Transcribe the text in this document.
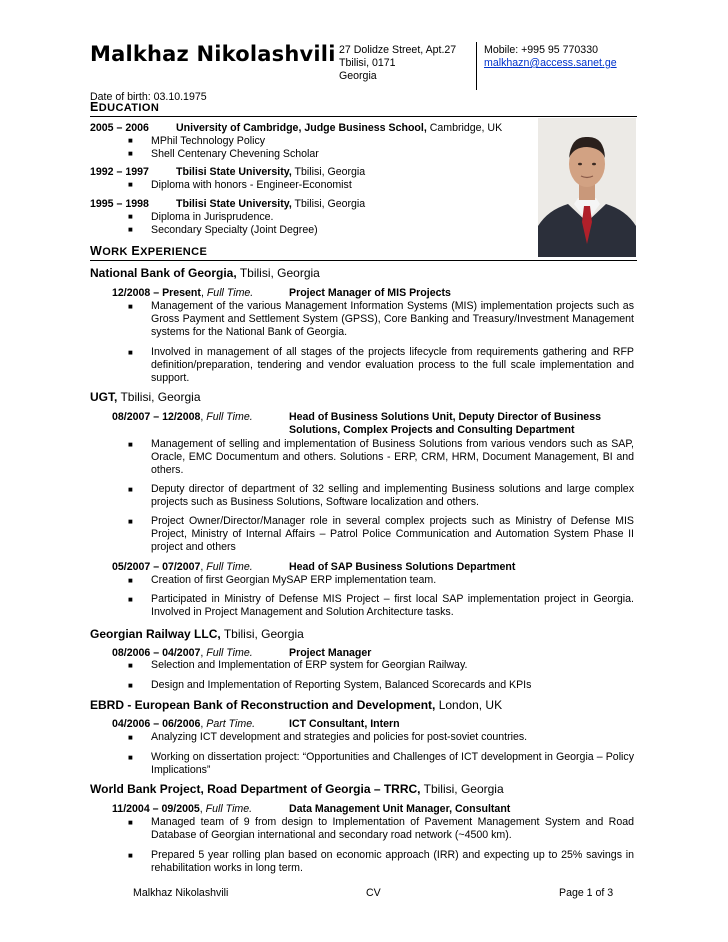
Malkhaz Nikolashvili
Date of birth: 03.10.1975
27 Dolidze Street, Apt.27
Tbilisi, 0171
Georgia
Mobile: +995 95 770330
malkhazn@access.sanet.ge
EDUCATION
2005 – 2006	University of Cambridge, Judge Business School, Cambridge, UK
■ MPhil Technology Policy
■ Shell Centenary Chevening Scholar
1992 – 1997	Tbilisi State University, Tbilisi, Georgia
■ Diploma with honors - Engineer-Economist
1995 – 1998	Tbilisi State University, Tbilisi, Georgia
■ Diploma in Jurisprudence.
■ Secondary Specialty (Joint Degree)
WORK EXPERIENCE
National Bank of Georgia, Tbilisi, Georgia
12/2008 – Present, Full Time.	Project Manager of MIS Projects
■ Management of the various Management Information Systems (MIS) implementation projects such as Gross Payment and Settlement System (GPSS), Core Banking and Treasury/Investment Management systems for the National Bank of Georgia.
■ Involved in management of all stages of the projects lifecycle from requirements gathering and RFP definition/preparation, tendering and vendor evaluation process to the full scale implementation and support.
UGT, Tbilisi, Georgia
08/2007 – 12/2008, Full Time.	Head of Business Solutions Unit, Deputy Director of Business
Solutions, Complex Projects and Consulting Department
■ Management of selling and implementation of Business Solutions from various vendors such as SAP, Oracle, EMC Documentum and others. Solutions - ERP, CRM, HRM, Document Management, BI and others.
■ Deputy director of department of 32 selling and implementing Business solutions and large complex projects such as Business Solutions, Software localization and others.
■ Project Owner/Director/Manager role in several complex projects such as Ministry of Defense MIS Project, Ministry of Internal Affairs – Patrol Police Communication and Automation System Phase II project and others
05/2007 – 07/2007, Full Time.	Head of SAP Business Solutions Department
■ Creation of first Georgian MySAP ERP implementation team.
■ Participated in Ministry of Defense MIS Project – first local SAP implementation project in Georgia. Involved in Project Management and Solution Architecture tasks.
Georgian Railway LLC, Tbilisi, Georgia
08/2006 – 04/2007, Full Time.	Project Manager
■ Selection and Implementation of ERP system for Georgian Railway.
■ Design and Implementation of Reporting System, Balanced Scorecards and KPIs
EBRD - European Bank of Reconstruction and Development, London, UK
04/2006 – 06/2006, Part Time.	ICT Consultant, Intern
■ Analyzing ICT development and strategies and policies for post-soviet countries.
■ Working on dissertation project: “Opportunities and Challenges of ICT development in Georgia – Policy Implications”
World Bank Project, Road Department of Georgia – TRRC, Tbilisi, Georgia
11/2004 – 09/2005, Full Time.	Data Management Unit Manager, Consultant
■ Managed team of 9 from design to Implementation of Pavement Management System and Road Database of Georgian international and secondary road network (~4500 km).
■ Prepared 5 year rolling plan based on economic approach (IRR) and expecting up to 25% savings in rehabilitation works in long term.
Malkhaz Nikolashvili	CV	Page 1 of 3
